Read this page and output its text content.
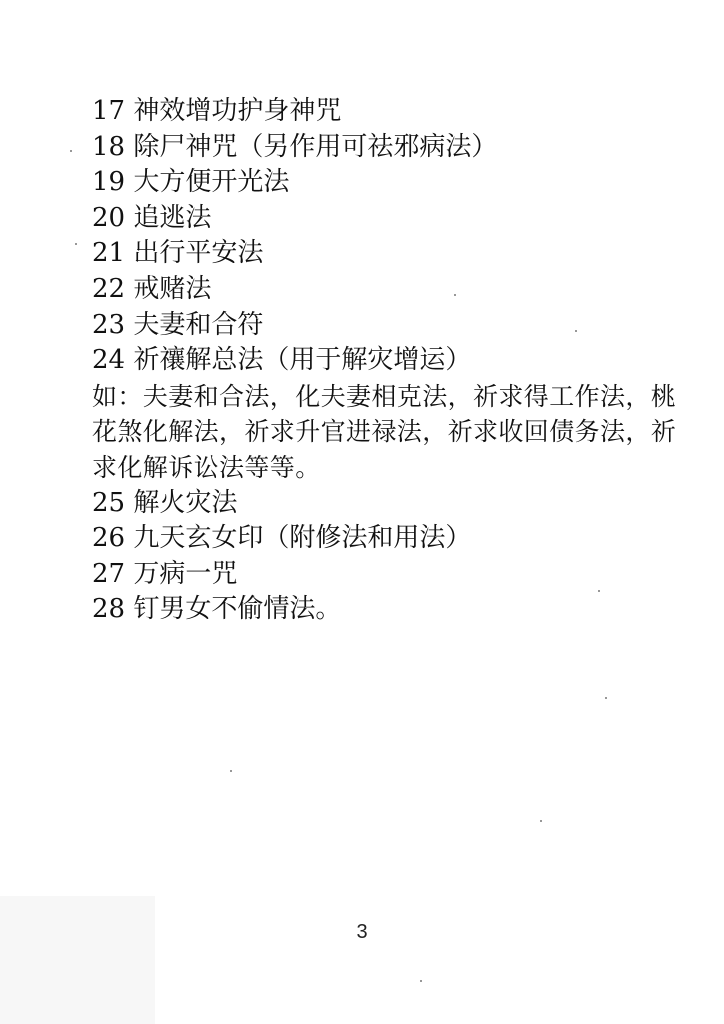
17 神效增功护身神咒
18 除尸神咒（另作用可祛邪病法）
19 大方便开光法
20 追逃法
21 出行平安法
22 戒赌法
23 夫妻和合符
24 祈禳解总法（用于解灾增运）
如：夫妻和合法，化夫妻相克法，祈求得工作法，桃花煞化解法，祈求升官进禄法，祈求收回债务法，祈求化解诉讼法等等。
25 解火灾法
26 九天玄女印（附修法和用法）
27 万病一咒
28 钉男女不偷情法。
3
